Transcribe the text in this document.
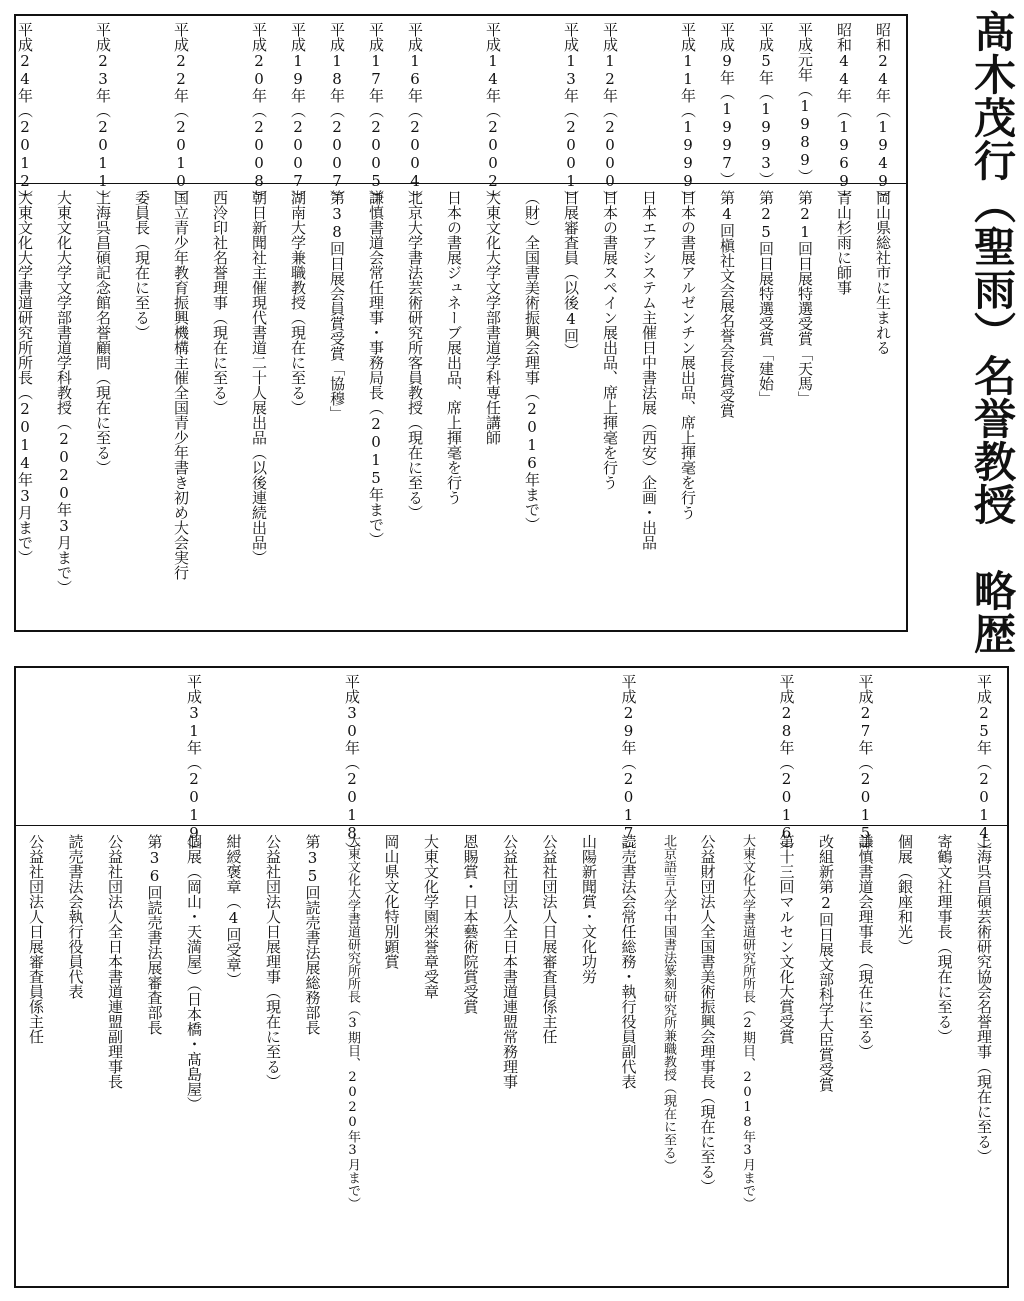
髙木茂行（聖雨）名誉教授　略歴
昭和24年（1949）
岡山県総社市に生まれる
昭和44年（1969）
青山杉雨に師事
平成元年（1989）
第21回日展特選受賞「天馬」
平成5年（1993）
第25回日展特選受賞「建始」
平成9年（1997）
第4回槇社文会展名誉会長賞受賞
平成11年（1999）
日本の書展アルゼンチン展出品、席上揮毫を行う
日本エアシステム主催日中書法展（西安）企画・出品
平成12年（2000）
日本の書展スペイン展出品、席上揮毫を行う
平成13年（2001）
日展審査員（以後4回）
（財）全国書美術振興会理事（2016年まで）
平成14年（2002）
大東文化大学文学部書道学科専任講師
日本の書展ジュネーブ展出品、席上揮毫を行う
平成16年（2004）
北京大学書法芸術研究所客員教授（現在に至る）
平成17年（2005）
謙慎書道会常任理事・事務局長（2015年まで）
平成18年（2007）
第38回日展会員賞受賞「協穆」
平成19年（2007）
湖南大学兼職教授（現在に至る）
平成20年（2008）
朝日新聞社主催現代書道二十人展出品（以後連続出品）
西泠印社名誉理事（現在に至る）
平成22年（2010）
国立青少年教育振興機構主催全国青少年書き初め大会実行
委員長（現在に至る）
平成23年（2011）
上海呉昌碩記念館名誉顧問（現在に至る）
大東文化大学文学部書道学科教授（2020年3月まで）
平成24年（2012）
大東文化大学書道研究所所長（2014年3月まで）
平成25年（2014）
上海呉昌碩芸術研究協会名誉理事（現在に至る）
寄鶴文社理事長（現在に至る）
個展（銀座和光）
平成27年（2015）
謙慎書道会理事長（現在に至る）
改組新第2回日展文部科学大臣賞受賞
平成28年（2016）
第十三回マルセン文化大賞受賞
大東文化大学書道研究所所長（2期目、2018年3月まで）
公益財団法人全国書美術振興会理事長（現在に至る）
北京語言大学中国書法篆刻研究所兼職教授（現在に至る）
平成29年（2017）
読売書法会常任総務・執行役員副代表
山陽新聞賞・文化功労
公益社団法人日展審査員係主任
公益社団法人全日本書道連盟常務理事
恩賜賞・日本藝術院賞受賞
大東文化学園栄誉章受章
岡山県文化特別顕賞
平成30年（2018）
大東文化大学書道研究所所長（3期目、2020年3月まで）
第35回読売書法展総務部長
公益社団法人日展理事（現在に至る）
紺綬褒章（4回受章）
平成31年（2019）
個展（岡山・天満屋）（日本橋・髙島屋）
第36回読売書法展審査部長
公益社団法人全日本書道連盟副理事長
読売書法会執行役員代表
公益社団法人日展審査員係主任
